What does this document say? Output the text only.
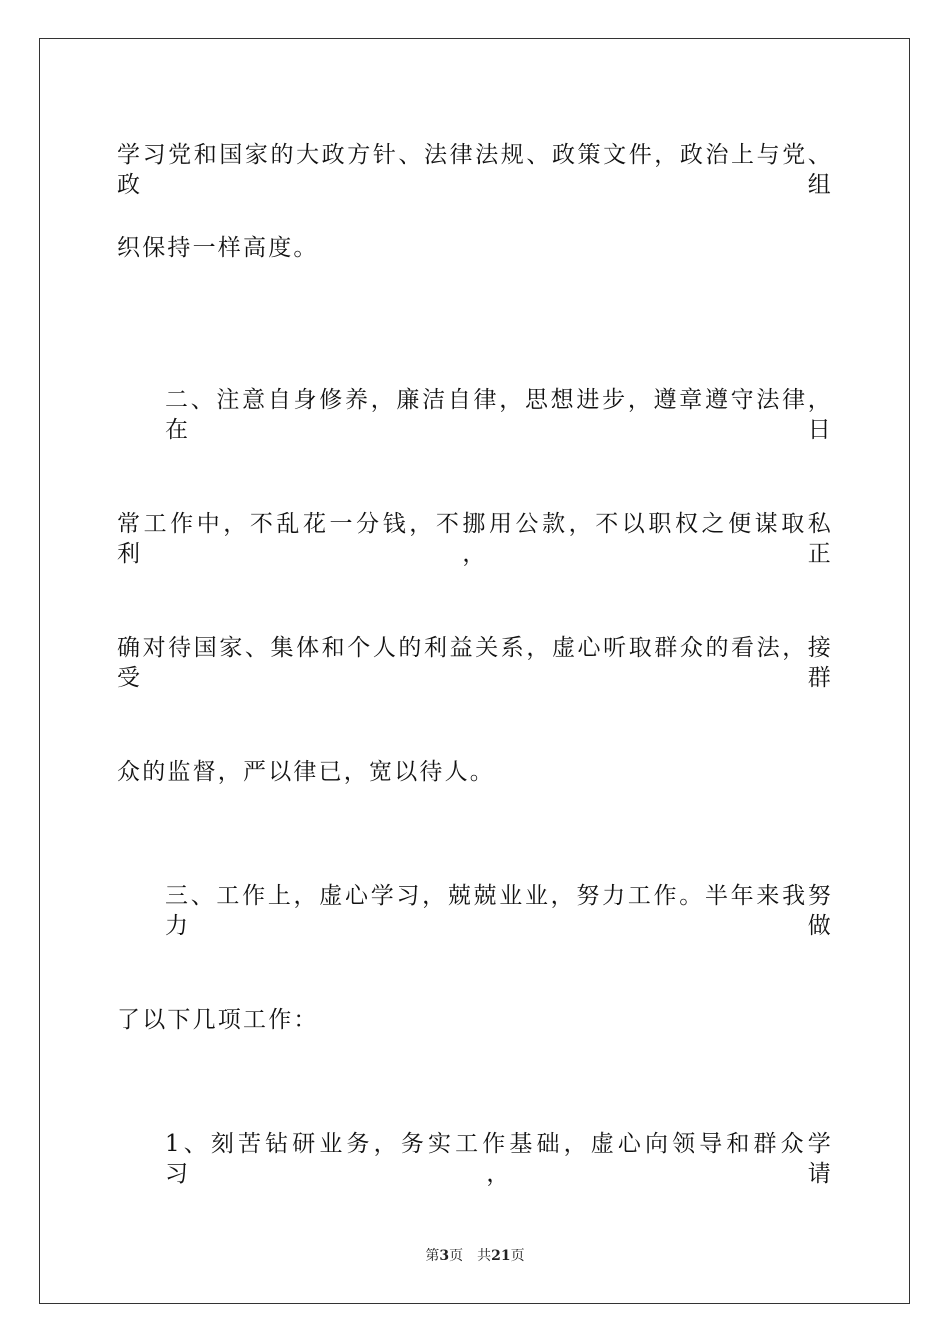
学习党和国家的大政方针、法律法规、政策文件，政治上与党、政组
织保持一样高度。
二、注意自身修养，廉洁自律，思想进步，遵章遵守法律，在日
常工作中，不乱花一分钱，不挪用公款，不以职权之便谋取私利，正
确对待国家、集体和个人的利益关系，虚心听取群众的看法，接受群
众的监督，严以律已，宽以待人。
三、工作上，虚心学习，兢兢业业，努力工作。半年来我努力做
了以下几项工作：
1、刻苦钻研业务，务实工作基础，虚心向领导和群众学习，请
第3页 共21页
